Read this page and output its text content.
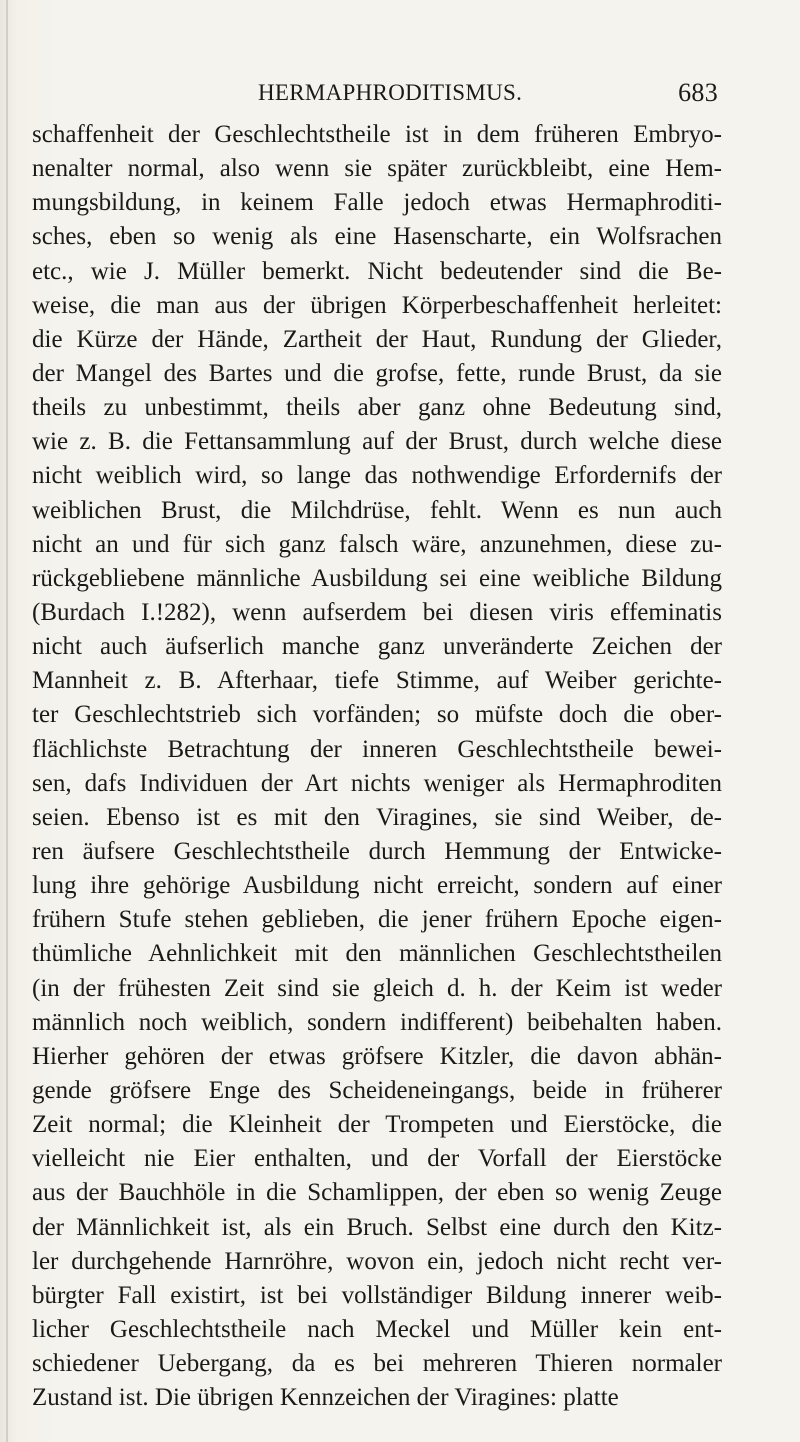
HERMAPHRODITISMUS.	683
schaffenheit der Geschlechtstheile ist in dem früheren Embryo-
nenalter normal, also wenn sie später zurückbleibt, eine Hem-
mungsbildung, in keinem Falle jedoch etwas Hermaphroditi-
sches, eben so wenig als eine Hasenscharte, ein Wolfsrachen
etc., wie J. Müller bemerkt. Nicht bedeutender sind die Be-
weise, die man aus der übrigen Körperbeschaffenheit herleitet:
die Kürze der Hände, Zartheit der Haut, Rundung der Glieder,
der Mangel des Bartes und die grofse, fette, runde Brust, da sie
theils zu unbestimmt, theils aber ganz ohne Bedeutung sind,
wie z. B. die Fettansammlung auf der Brust, durch welche diese
nicht weiblich wird, so lange das nothwendige Erfordernifs der
weiblichen Brust, die Milchdrüse, fehlt. Wenn es nun auch
nicht an und für sich ganz falsch wäre, anzunehmen, diese zu-
rückgebliebene männliche Ausbildung sei eine weibliche Bildung
(Burdach I.!282), wenn aufserdem bei diesen viris effeminatis
nicht auch äufserlich manche ganz unveränderte Zeichen der
Mannheit z. B. Afterhaar, tiefe Stimme, auf Weiber gerichte-
ter Geschlechtstrieb sich vorfänden; so müfste doch die ober-
flächlichste Betrachtung der inneren Geschlechtstheile bewei-
sen, dafs Individuen der Art nichts weniger als Hermaphroditen
seien. Ebenso ist es mit den Viragines, sie sind Weiber, de-
ren äufsere Geschlechtstheile durch Hemmung der Entwicke-
lung ihre gehörige Ausbildung nicht erreicht, sondern auf einer
frühern Stufe stehen geblieben, die jener frühern Epoche eigen-
thümliche Aehnlichkeit mit den männlichen Geschlechtstheilen
(in der frühesten Zeit sind sie gleich d. h. der Keim ist weder
männlich noch weiblich, sondern indifferent) beibehalten haben.
Hierher gehören der etwas gröfsere Kitzler, die davon abhän-
gende gröfsere Enge des Scheideneingangs, beide in früherer
Zeit normal; die Kleinheit der Trompeten und Eierstöcke, die
vielleicht nie Eier enthalten, und der Vorfall der Eierstöcke
aus der Bauchhöle in die Schamlippen, der eben so wenig Zeuge
der Männlichkeit ist, als ein Bruch. Selbst eine durch den Kitz-
ler durchgehende Harnröhre, wovon ein, jedoch nicht recht ver-
bürgter Fall existirt, ist bei vollständiger Bildung innerer weib-
licher Geschlechtstheile nach Meckel und Müller kein ent-
schiedener Uebergang, da es bei mehreren Thieren normaler
Zustand ist. Die übrigen Kennzeichen der Viragines: platte
